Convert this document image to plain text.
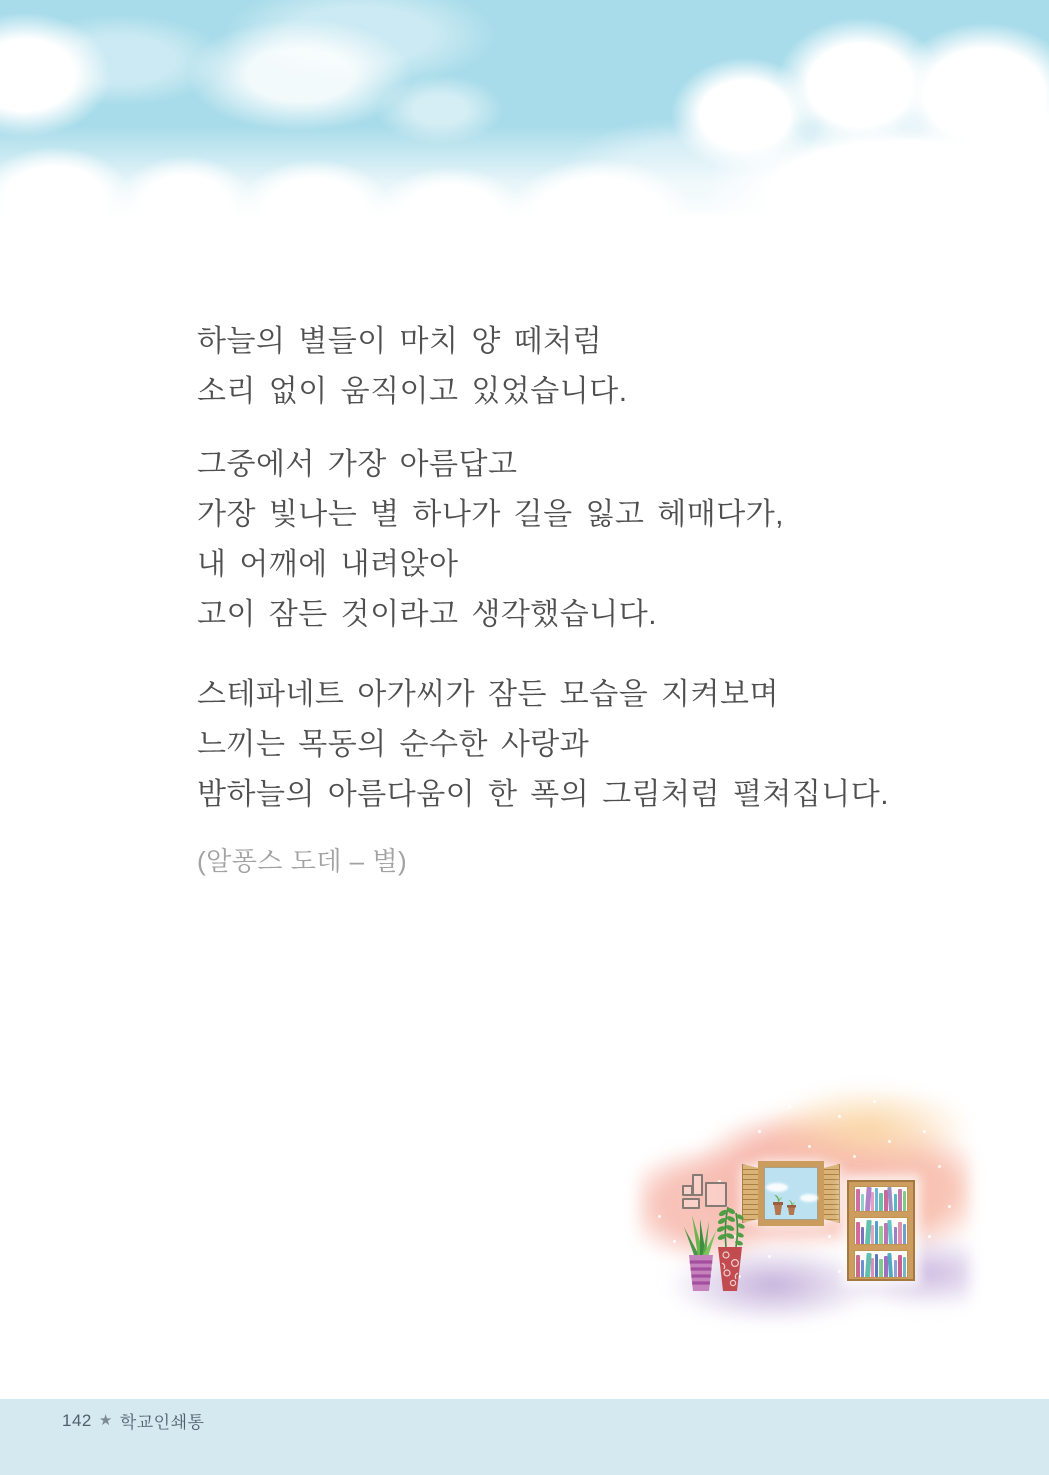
하늘의 별들이 마치 양 떼처럼
소리 없이 움직이고 있었습니다.
그중에서 가장 아름답고
가장 빛나는 별 하나가 길을 잃고 헤매다가,
내 어깨에 내려앉아
고이 잠든 것이라고 생각했습니다.
스테파네트 아가씨가 잠든 모습을 지켜보며
느끼는 목동의 순수한 사랑과
밤하늘의 아름다움이 한 폭의 그림처럼 펼쳐집니다.
(알퐁스 도데 – 별)
142 ★ 학교인쇄통
